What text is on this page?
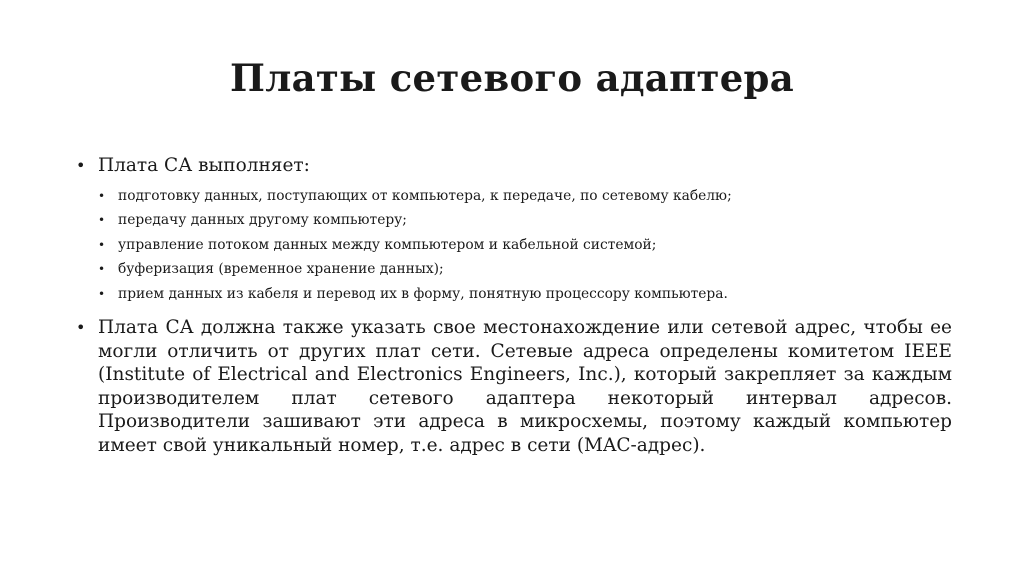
Платы сетевого адаптера
• Плата СА выполняет:
• подготовку данных, поступающих от компьютера, к передаче, по сетевому кабелю;
• передачу данных другому компьютеру;
• управление потоком данных между компьютером и кабельной системой;
• буферизация (временное хранение данных);
• прием данных из кабеля и перевод их в форму, понятную процессору компьютера.
• Плата СА должна также указать свое местонахождение или сетевой адрес, чтобы ее могли отличить от других плат сети. Сетевые адреса определены комитетом IEEE (Institute of Electrical and Electronics Engineers, Inc.), который закрепляет за каждым производителем плат сетевого адаптера некоторый интервал адресов. Производители зашивают эти адреса в микросхемы, поэтому каждый компьютер имеет свой уникальный номер, т.е. адрес в сети (MAC-адрес).
